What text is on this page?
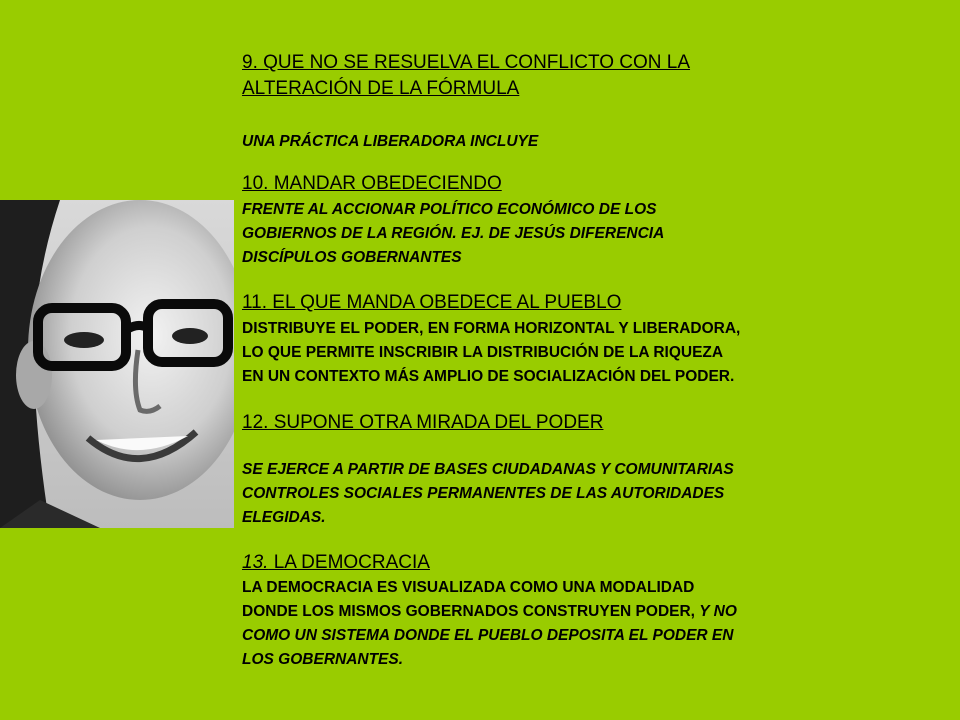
9. QUE NO SE RESUELVA EL CONFLICTO CON LA

ALTERACIÓN DE LA FÓRMULA

UNA PRÁCTICA LIBERADORA INCLUYE

10. MANDAR OBEDECIENDO

FRENTE AL ACCIONAR POLÍTICO ECONÓMICO DE LOS

GOBIERNOS DE LA REGIÓN. EJ. DE JESÚS DIFERENCIA

DISCÍPULOS GOBERNANTES

11. EL QUE MANDA OBEDECE AL PUEBLO

DISTRIBUYE EL PODER, EN FORMA HORIZONTAL Y LIBERADORA,

LO QUE PERMITE INSCRIBIR LA DISTRIBUCIÓN DE LA RIQUEZA

EN UN CONTEXTO MÁS AMPLIO DE SOCIALIZACIÓN DEL PODER.

12. SUPONE OTRA MIRADA DEL PODER

SE EJERCE A PARTIR DE BASES CIUDADANAS Y COMUNITARIAS

CONTROLES SOCIALES PERMANENTES DE LAS AUTORIDADES

ELEGIDAS.

13. LA DEMOCRACIA

LA DEMOCRACIA ES VISUALIZADA COMO UNA MODALIDAD

DONDE LOS MISMOS GOBERNADOS CONSTRUYEN PODER, Y NO

COMO UN SISTEMA DONDE EL PUEBLO DEPOSITA EL PODER EN

LOS GOBERNANTES.
